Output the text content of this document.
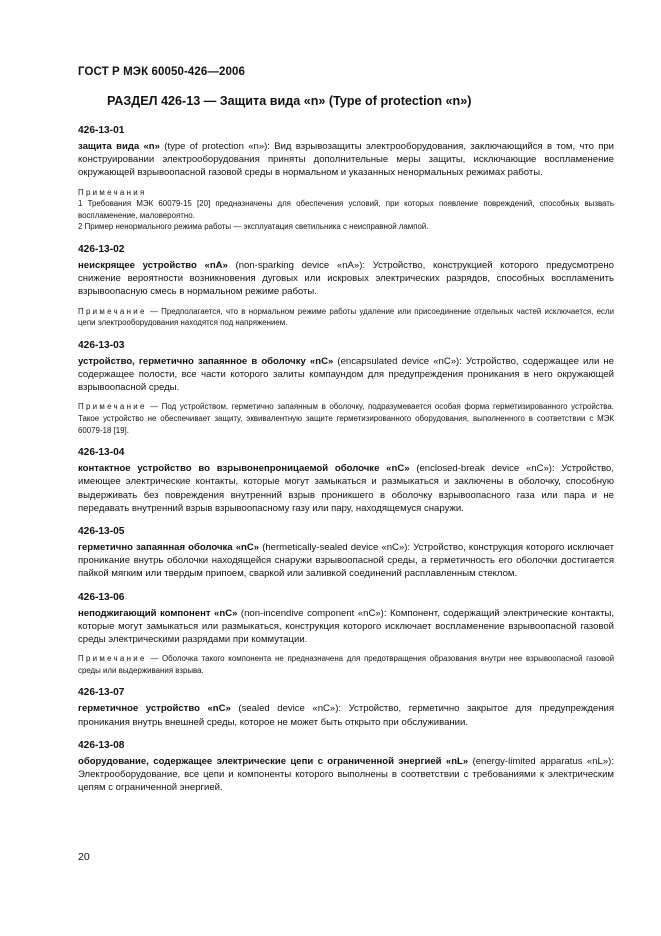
ГОСТ Р МЭК 60050-426—2006
РАЗДЕЛ 426-13 — Защита вида «n» (Type of protection «n»)
426-13-01

защита вида «n» (type of protection «n»): Вид взрывозащиты электрооборудования, заключающийся в том, что при конструировании электрооборудования приняты дополнительные меры защиты, исключающие воспламенение окружающей взрывоопасной газовой среды в нормальном и указанных ненормальных режимах работы.

Примечания

1 Требования МЭК 60079-15 [20] предназначены для обеспечения условий, при которых появление повреждений, способных вызвать воспламенение, маловероятно.

2 Пример ненормального режима работы — эксплуатация светильника с неисправной лампой.

426-13-02

неискрящее устройство «nA» (non-sparking device «nA»): Устройство, конструкцией которого предусмотрено снижение вероятности возникновения дуговых или искровых электрических разрядов, способных воспламенить взрывоопасную смесь в нормальном режиме работы.

Примечание — Предполагается, что в нормальном режиме работы удаление или присоединение отдельных частей исключается, если цепи электрооборудования находятся под напряжением.

426-13-03

устройство, герметично запаянное в оболочку «nC» (encapsulated device «nC»): Устройство, содержащее или не содержащее полости, все части которого залиты компаундом для предупреждения проникания в него окружающей взрывоопасной среды.

Примечание — Под устройством, герметично запаянным в оболочку, подразумевается особая форма герметизированного устройства. Такое устройство не обеспечивает защиту, эквивалентную защите герметизированного оборудования, выполненного в соответствии с МЭК 60079-18 [19].

426-13-04

контактное устройство во взрывонепроницаемой оболочке «nC» (enclosed-break device «nC»): Устройство, имеющее электрические контакты, которые могут замыкаться и размыкаться и заключены в оболочку, способную выдерживать без повреждения внутренний взрыв проникшего в оболочку взрывоопасного газа или пара и не передавать внутренний взрыв взрывоопасному газу или пару, находящемуся снаружи.

426-13-05

герметично запаянная оболочка «nC» (hermetically-sealed device «nC»): Устройство, конструкция которого исключает проникание внутрь оболочки находящейся снаружи взрывоопасной среды, а герметичность его оболочки достигается пайкой мягким или твердым припоем, сваркой или заливкой соединений расплавленным стеклом.

426-13-06

неподжигающий компонент «nC» (non-incendive component «nC»): Компонент, содержащий электрические контакты, которые могут замыкаться или размыкаться, конструкция которого исключает воспламенение взрывоопасной газовой среды электрическими разрядами при коммутации.

Примечание — Оболочка такого компонента не предназначена для предотвращения образования внутри нее взрывоопасной газовой среды или выдерживания взрыва.

426-13-07

герметичное устройство «nC» (sealed device «nC»): Устройство, герметично закрытое для предупреждения проникания внутрь внешней среды, которое не может быть открыто при обслуживании.

426-13-08

оборудование, содержащее электрические цепи с ограниченной энергией «nL» (energy-limited apparatus «nL»): Электрооборудование, все цепи и компоненты которого выполнены в соответствии с требованиями к электрическим цепям с ограниченной энергией.

20
